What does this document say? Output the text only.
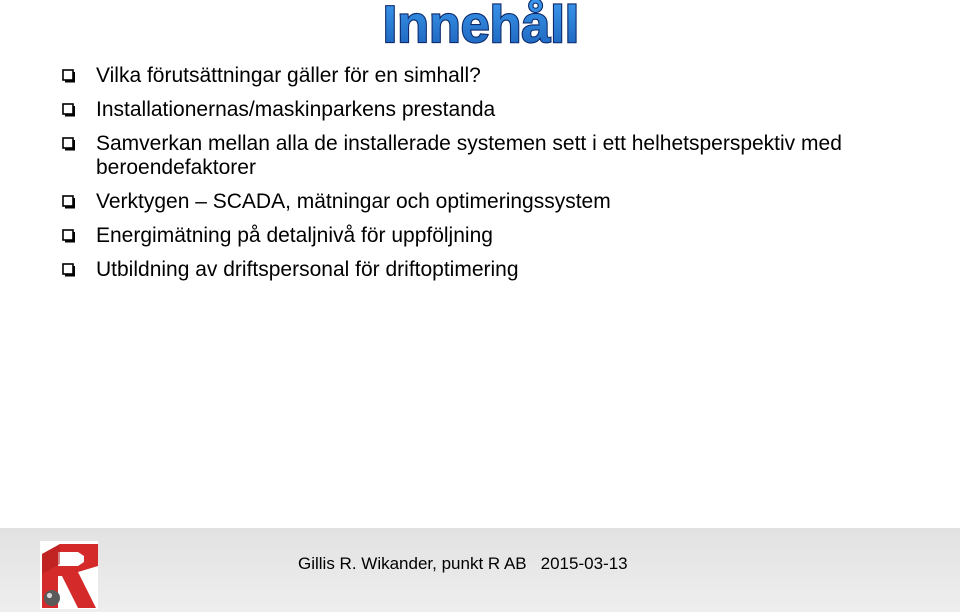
Innehåll
Vilka förutsättningar gäller för en simhall?
Installationernas/maskinparkens prestanda
Samverkan mellan alla de installerade systemen sett i ett helhetsperspektiv med beroendefaktorer
Verktygen – SCADA, mätningar och optimeringssystem
Energimätning på detaljnivå för uppföljning
Utbildning av driftspersonal för driftoptimering
Gillis R. Wikander, punkt R AB 2015-03-13
